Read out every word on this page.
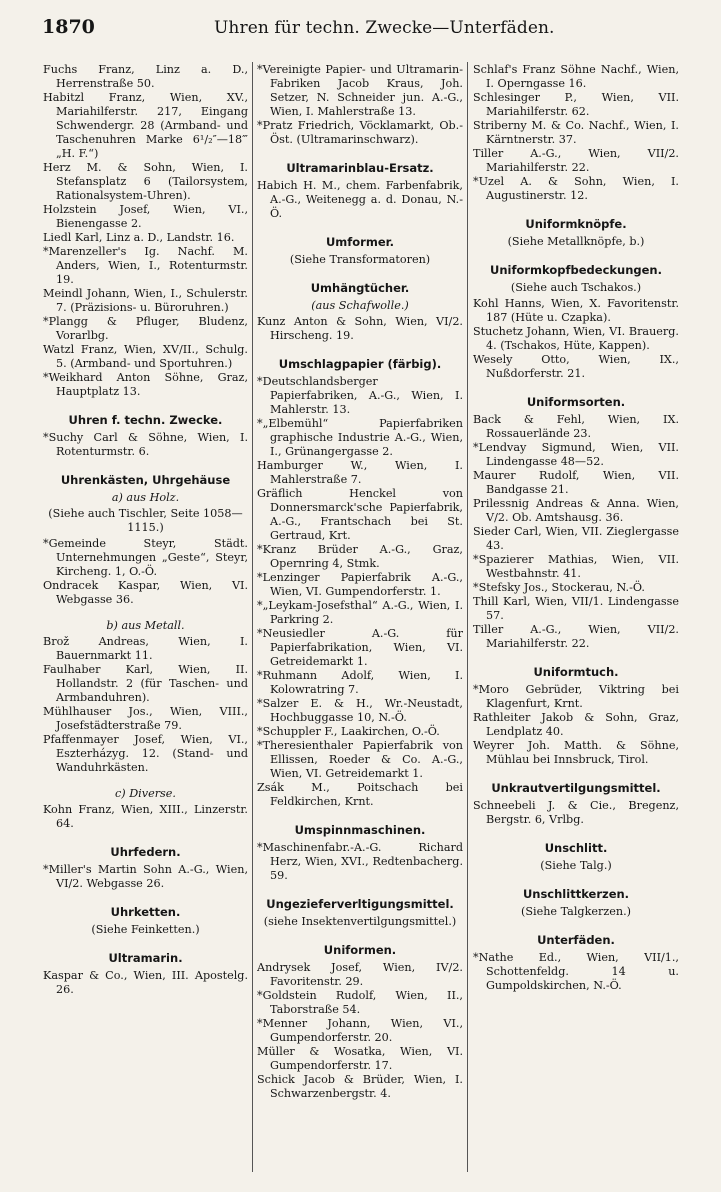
1870	Uhren für techn. Zwecke—Unterfäden.
Fuchs Franz, Linz a. D., Herrenstraße 50.
Habitzl Franz, Wien, XV., Mariahilferstr. 217, Eingang Schwendergr. 28 (Armband- und Taschenuhren Marke 6¹/₂″—18‴ „H. F.“)
Herz M. & Sohn, Wien, I. Stefansplatz 6 (Tailorsystem, Rationalsystem-Uhren).
Holzstein Josef, Wien, VI., Bienengasse 2.
Liedl Karl, Linz a. D., Landstr. 16.
*Marenzeller's Ig. Nachf. M. Anders, Wien, I., Rotenturmstr. 19.
Meindl Johann, Wien, I., Schulerstr. 7. (Präzisions- u. Büroruhren.)
*Plangg & Pfluger, Bludenz, Vorarlbg.
Watzl Franz, Wien, XV/II., Schulg. 5. (Armband- und Sportuhren.)
*Weikhard Anton Söhne, Graz, Hauptplatz 13.
Uhren f. techn. Zwecke.
*Suchy Carl & Söhne, Wien, I. Rotenturmstr. 6.
Uhrenkästen, Uhrgehäuse
a) aus Holz.
(Siehe auch Tischler, Seite 1058—1115.)
*Gemeinde Steyr, Städt. Unternehmungen „Geste“, Steyr, Kircheng. 1, O.-Ö.
Ondracek Kaspar, Wien, VI. Webgasse 36.
b) aus Metall.
Brož Andreas, Wien, I. Bauernmarkt 11.
Faulhaber Karl, Wien, II. Hollandstr. 2 (für Taschen- und Armbanduhren).
Mühlhauser Jos., Wien, VIII., Josefstädterstraße 79.
Pfaffenmayer Josef, Wien, VI., Eszterházyg. 12. (Stand- und Wanduhrkästen.
c) Diverse.
Kohn Franz, Wien, XIII., Linzerstr. 64.
Uhrfedern.
*Miller's Martin Sohn A.-G., Wien, VI/2. Webgasse 26.
Uhrketten.
(Siehe Feinketten.)
Ultramarin.
Kaspar & Co., Wien, III. Apostelg. 26.
*Vereinigte Papier- und Ultramarin-Fabriken Jacob Kraus, Joh. Setzer, N. Schneider jun. A.-G., Wien, I. Mahlerstraße 13.
*Pratz Friedrich, Vöcklamarkt, Ob.-Öst. (Ultramarinschwarz).
Ultramarinblau-Ersatz.
Habich H. M., chem. Farbenfabrik, A.-G., Weitenegg a. d. Donau, N.-Ö.
Umformer.
(Siehe Transformatoren)
Umhängtücher.
(aus Schafwolle.)
Kunz Anton & Sohn, Wien, VI/2. Hirscheng. 19.
Umschlagpapier (färbig).
*Deutschlandsberger Papierfabriken, A.-G., Wien, I. Mahlerstr. 13.
*„Elbemühl“ Papierfabriken graphische Industrie A.-G., Wien, I., Grünangergasse 2.
Hamburger W., Wien, I. Mahlerstraße 7.
Gräflich Henckel von Donnersmarck'sche Papierfabrik, A.-G., Frantschach bei St. Gertraud, Krt.
*Kranz Brüder A.-G., Graz, Opernring 4, Stmk.
*Lenzinger Papierfabrik A.-G., Wien, VI. Gumpendorferstr. 1.
*„Leykam-Josefsthal“ A.-G., Wien, I. Parkring 2.
*Neusiedler A.-G. für Papierfabrikation, Wien, VI. Getreidemarkt 1.
*Ruhmann Adolf, Wien, I. Kolowratring 7.
*Salzer E. & H., Wr.-Neustadt, Hochbuggasse 10, N.-Ö.
*Schuppler F., Laakirchen, O.-Ö.
*Theresienthaler Papierfabrik von Ellissen, Roeder & Co. A.-G., Wien, VI. Getreidemarkt 1.
Zsák M., Poitschach bei Feldkirchen, Krnt.
Umspinnmaschinen.
*Maschinenfabr.-A.-G. Richard Herz, Wien, XVI., Redtenbacherg. 59.
Ungezieferverltigungsmittel.
(siehe Insektenvertilgungsmittel.)
Uniformen.
Andrysek Josef, Wien, IV/2. Favoritenstr. 29.
*Goldstein Rudolf, Wien, II., Taborstraße 54.
*Menner Johann, Wien, VI., Gumpendorferstr. 20.
Müller & Wosatka, Wien, VI. Gumpendorferstr. 17.
Schick Jacob & Brüder, Wien, I. Schwarzenbergstr. 4.
Schlaf's Franz Söhne Nachf., Wien, I. Operngasse 16.
Schlesinger P., Wien, VII. Mariahilferstr. 62.
Striberny M. & Co. Nachf., Wien, I. Kärntnerstr. 37.
Tiller A.-G., Wien, VII/2. Mariahilferstr. 22.
*Uzel A. & Sohn, Wien, I. Augustinerstr. 12.
Uniformknöpfe.
(Siehe Metallknöpfe, b.)
Uniformkopfbedeckungen.
(Siehe auch Tschakos.)
Kohl Hanns, Wien, X. Favoritenstr. 187 (Hüte u. Czapka).
Stuchetz Johann, Wien, VI. Brauerg. 4. (Tschakos, Hüte, Kappen).
Wesely Otto, Wien, IX., Nußdorferstr. 21.
Uniformsorten.
Back & Fehl, Wien, IX. Rossauerlände 23.
*Lendvay Sigmund, Wien, VII. Lindengasse 48—52.
Maurer Rudolf, Wien, VII. Bandgasse 21.
Prilessnig Andreas & Anna. Wien, V/2. Ob. Amtshausg. 36.
Sieder Carl, Wien, VII. Zieglergasse 43.
*Spazierer Mathias, Wien, VII. Westbahnstr. 41.
*Stefsky Jos., Stockerau, N.-Ö.
Thill Karl, Wien, VII/1. Lindengasse 57.
Tiller A.-G., Wien, VII/2. Mariahilferstr. 22.
Uniformtuch.
*Moro Gebrüder, Viktring bei Klagenfurt, Krnt.
Rathleiter Jakob & Sohn, Graz, Lendplatz 40.
Weyrer Joh. Matth. & Söhne, Mühlau bei Innsbruck, Tirol.
Unkrautvertilgungsmittel.
Schneebeli J. & Cie., Bregenz, Bergstr. 6, Vrlbg.
Unschlitt.
(Siehe Talg.)
Unschlittkerzen.
(Siehe Talgkerzen.)
Unterfäden.
*Nathe Ed., Wien, VII/1., Schottenfeldg. 14 u. Gumpoldskirchen, N.-Ö.
